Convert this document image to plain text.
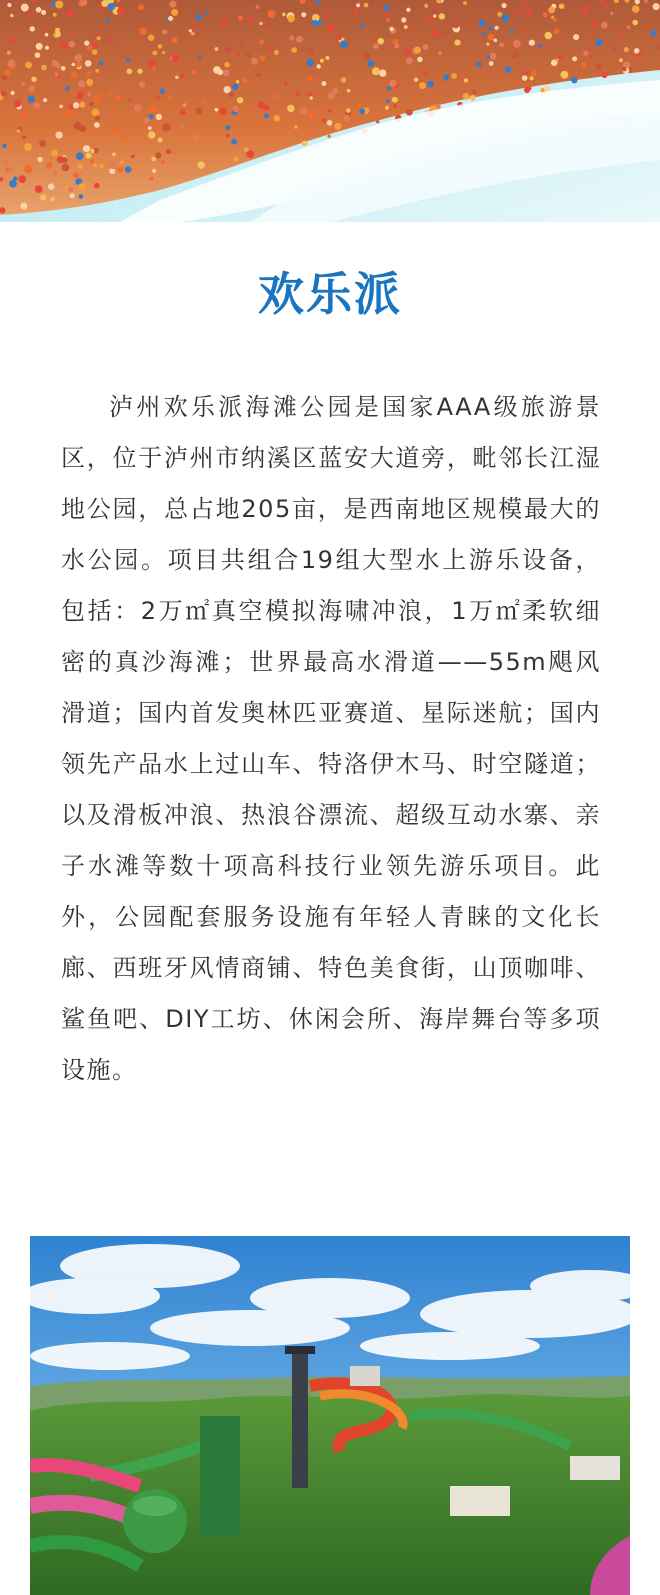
欢乐派

泸州欢乐派海滩公园是国家AAA级旅游景区，位于泸州市纳溪区蓝安大道旁，毗邻长江湿地公园，总占地205亩，是西南地区规模最大的水公园。项目共组合19组大型水上游乐设备，包括：2万㎡真空模拟海啸冲浪，1万㎡柔软细密的真沙海滩；世界最高水滑道——55m飓风滑道；国内首发奥林匹亚赛道、星际迷航；国内领先产品水上过山车、特洛伊木马、时空隧道；以及滑板冲浪、热浪谷漂流、超级互动水寨、亲子水滩等数十项高科技行业领先游乐项目。此外，公园配套服务设施有年轻人青睐的文化长廊、西班牙风情商铺、特色美食街，山顶咖啡、鲨鱼吧、DIY工坊、休闲会所、海岸舞台等多项设施。
